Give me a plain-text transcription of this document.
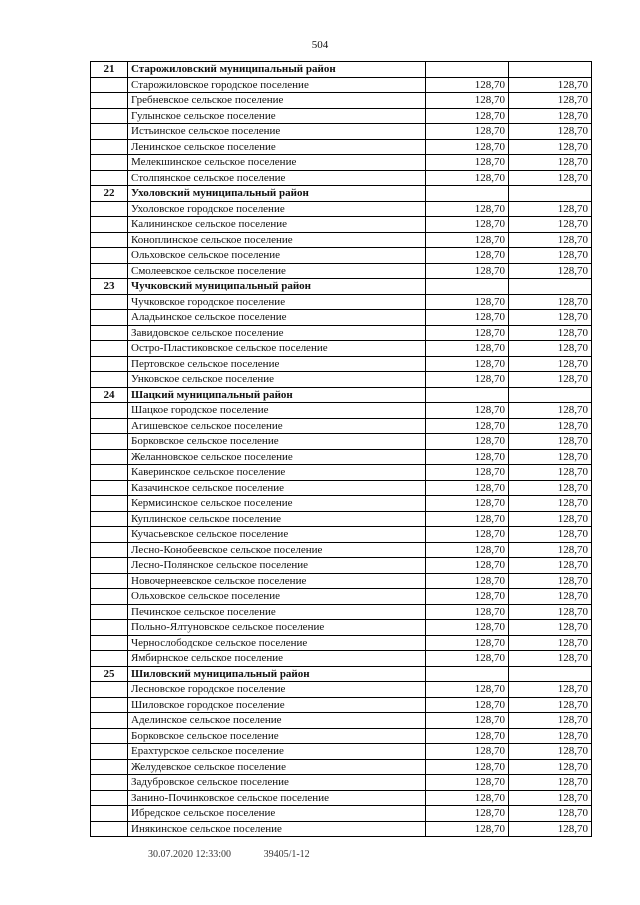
504
21	Старожиловский муниципальный район		
	Старожиловское городское поселение	128,70	128,70
	Гребневское сельское поселение	128,70	128,70
	Гулынское сельское поселение	128,70	128,70
	Истьинское сельское поселение	128,70	128,70
	Ленинское сельское поселение	128,70	128,70
	Мелекшинское сельское поселение	128,70	128,70
	Столпянское сельское поселение	128,70	128,70
22	Ухоловский муниципальный район		
	Ухоловское городское поселение	128,70	128,70
	Калининское сельское поселение	128,70	128,70
	Коноплинское сельское поселение	128,70	128,70
	Ольховское сельское поселение	128,70	128,70
	Смолеевское сельское поселение	128,70	128,70
23	Чучковский муниципальный район		
	Чучковское городское поселение	128,70	128,70
	Аладьинское сельское поселение	128,70	128,70
	Завидовское сельское поселение	128,70	128,70
	Остро-Пластиковское сельское поселение	128,70	128,70
	Пертовское сельское поселение	128,70	128,70
	Унковское сельское поселение	128,70	128,70
24	Шацкий муниципальный район		
	Шацкое городское поселение	128,70	128,70
	Агишевское сельское поселение	128,70	128,70
	Борковское сельское поселение	128,70	128,70
	Желанновское сельское поселение	128,70	128,70
	Каверинское сельское поселение	128,70	128,70
	Казачинское сельское поселение	128,70	128,70
	Кермисинское сельское поселение	128,70	128,70
	Куплинское сельское поселение	128,70	128,70
	Кучасьевское сельское поселение	128,70	128,70
	Лесно-Конобеевское сельское поселение	128,70	128,70
	Лесно-Полянское сельское поселение	128,70	128,70
	Новочернеевское сельское поселение	128,70	128,70
	Ольховское сельское поселение	128,70	128,70
	Печинское сельское поселение	128,70	128,70
	Польно-Ялтуновское сельское поселение	128,70	128,70
	Чернослободское сельское поселение	128,70	128,70
	Ямбирнское сельское поселение	128,70	128,70
25	Шиловский муниципальный район		
	Лесновское городское поселение	128,70	128,70
	Шиловское городское поселение	128,70	128,70
	Аделинское сельское поселение	128,70	128,70
	Борковское сельское поселение	128,70	128,70
	Ерахтурское сельское поселение	128,70	128,70
	Желудевское сельское поселение	128,70	128,70
	Задубровское сельское поселение	128,70	128,70
	Занино-Починковское сельское поселение	128,70	128,70
	Ибредское сельское поселение	128,70	128,70
	Инякинское сельское поселение	128,70	128,70
30.07.2020 12:33:00	39405/1-12
